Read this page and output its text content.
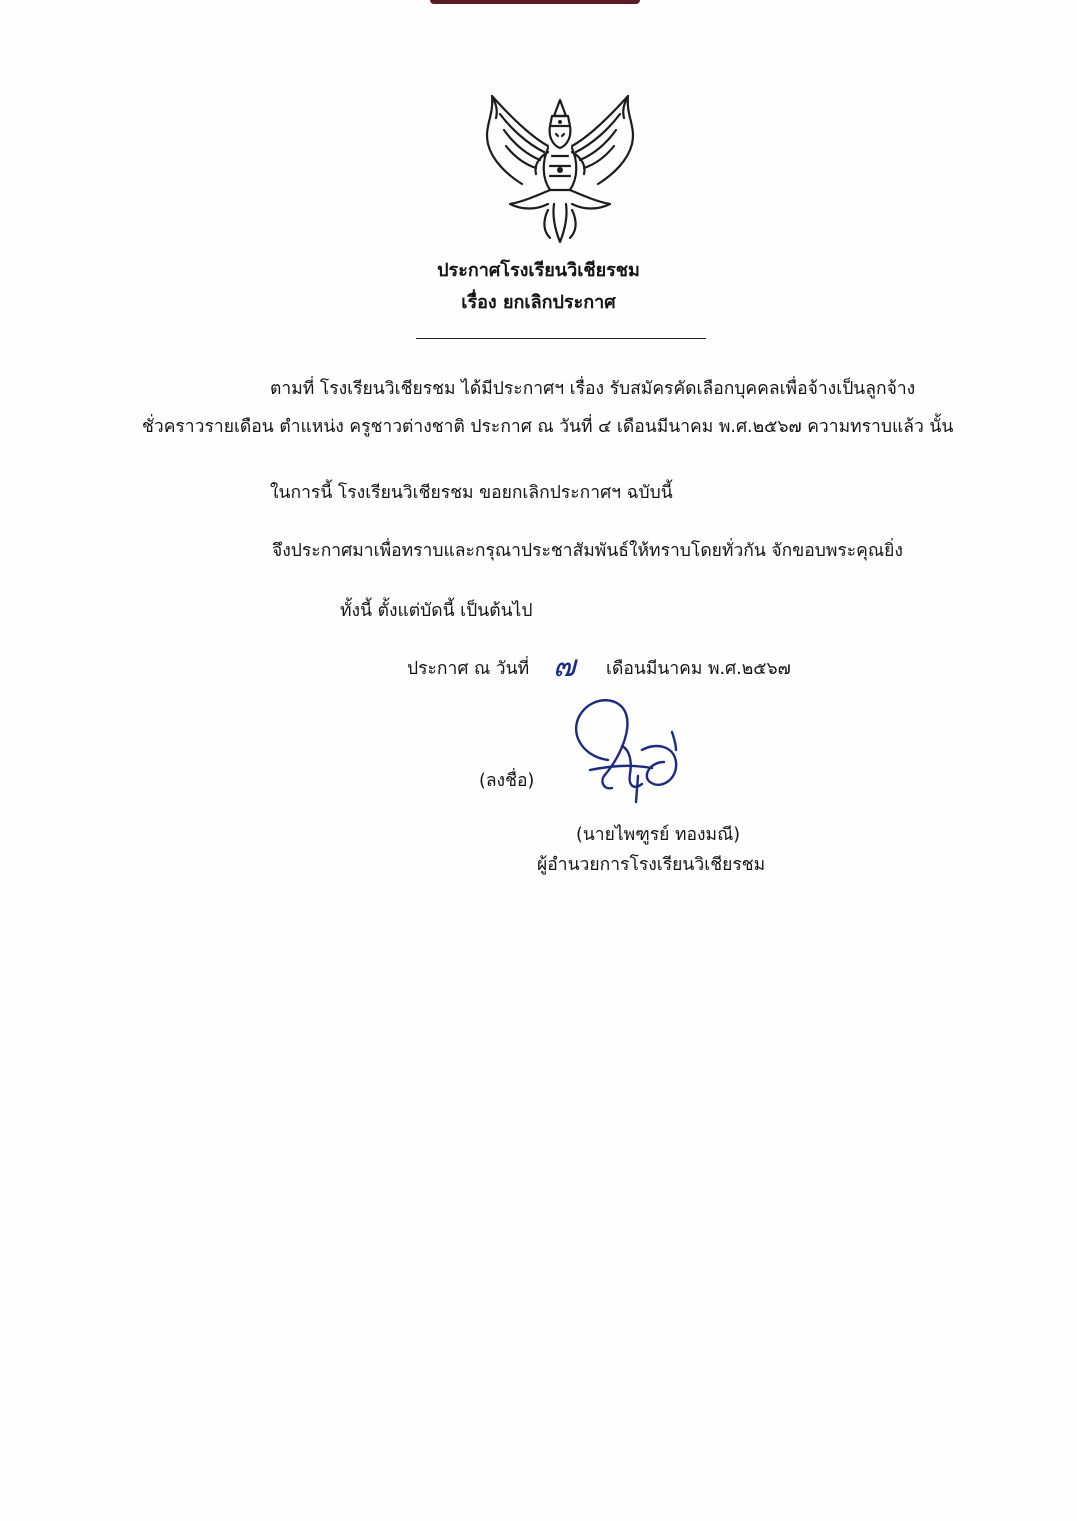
ประกาศโรงเรียนวิเชียรชม
เรื่อง ยกเลิกประกาศ
ตามที่ โรงเรียนวิเชียรชม ได้มีประกาศฯ เรื่อง รับสมัครคัดเลือกบุคคลเพื่อจ้างเป็นลูกจ้าง
ชั่วคราวรายเดือน ตำแหน่ง ครูชาวต่างชาติ ประกาศ ณ วันที่ ๔ เดือนมีนาคม พ.ศ.๒๕๖๗ ความทราบแล้ว นั้น
ในการนี้ โรงเรียนวิเชียรชม ขอยกเลิกประกาศฯ ฉบับนี้
จึงประกาศมาเพื่อทราบและกรุณาประชาสัมพันธ์ให้ทราบโดยทั่วกัน จักขอบพระคุณยิ่ง
ทั้งนี้ ตั้งแต่บัดนี้ เป็นต้นไป
ประกาศ ณ วันที่ ๗ เดือนมีนาคม พ.ศ.๒๕๖๗
(ลงชื่อ)
(นายไพฑูรย์ ทองมณี)
ผู้อำนวยการโรงเรียนวิเชียรชม
